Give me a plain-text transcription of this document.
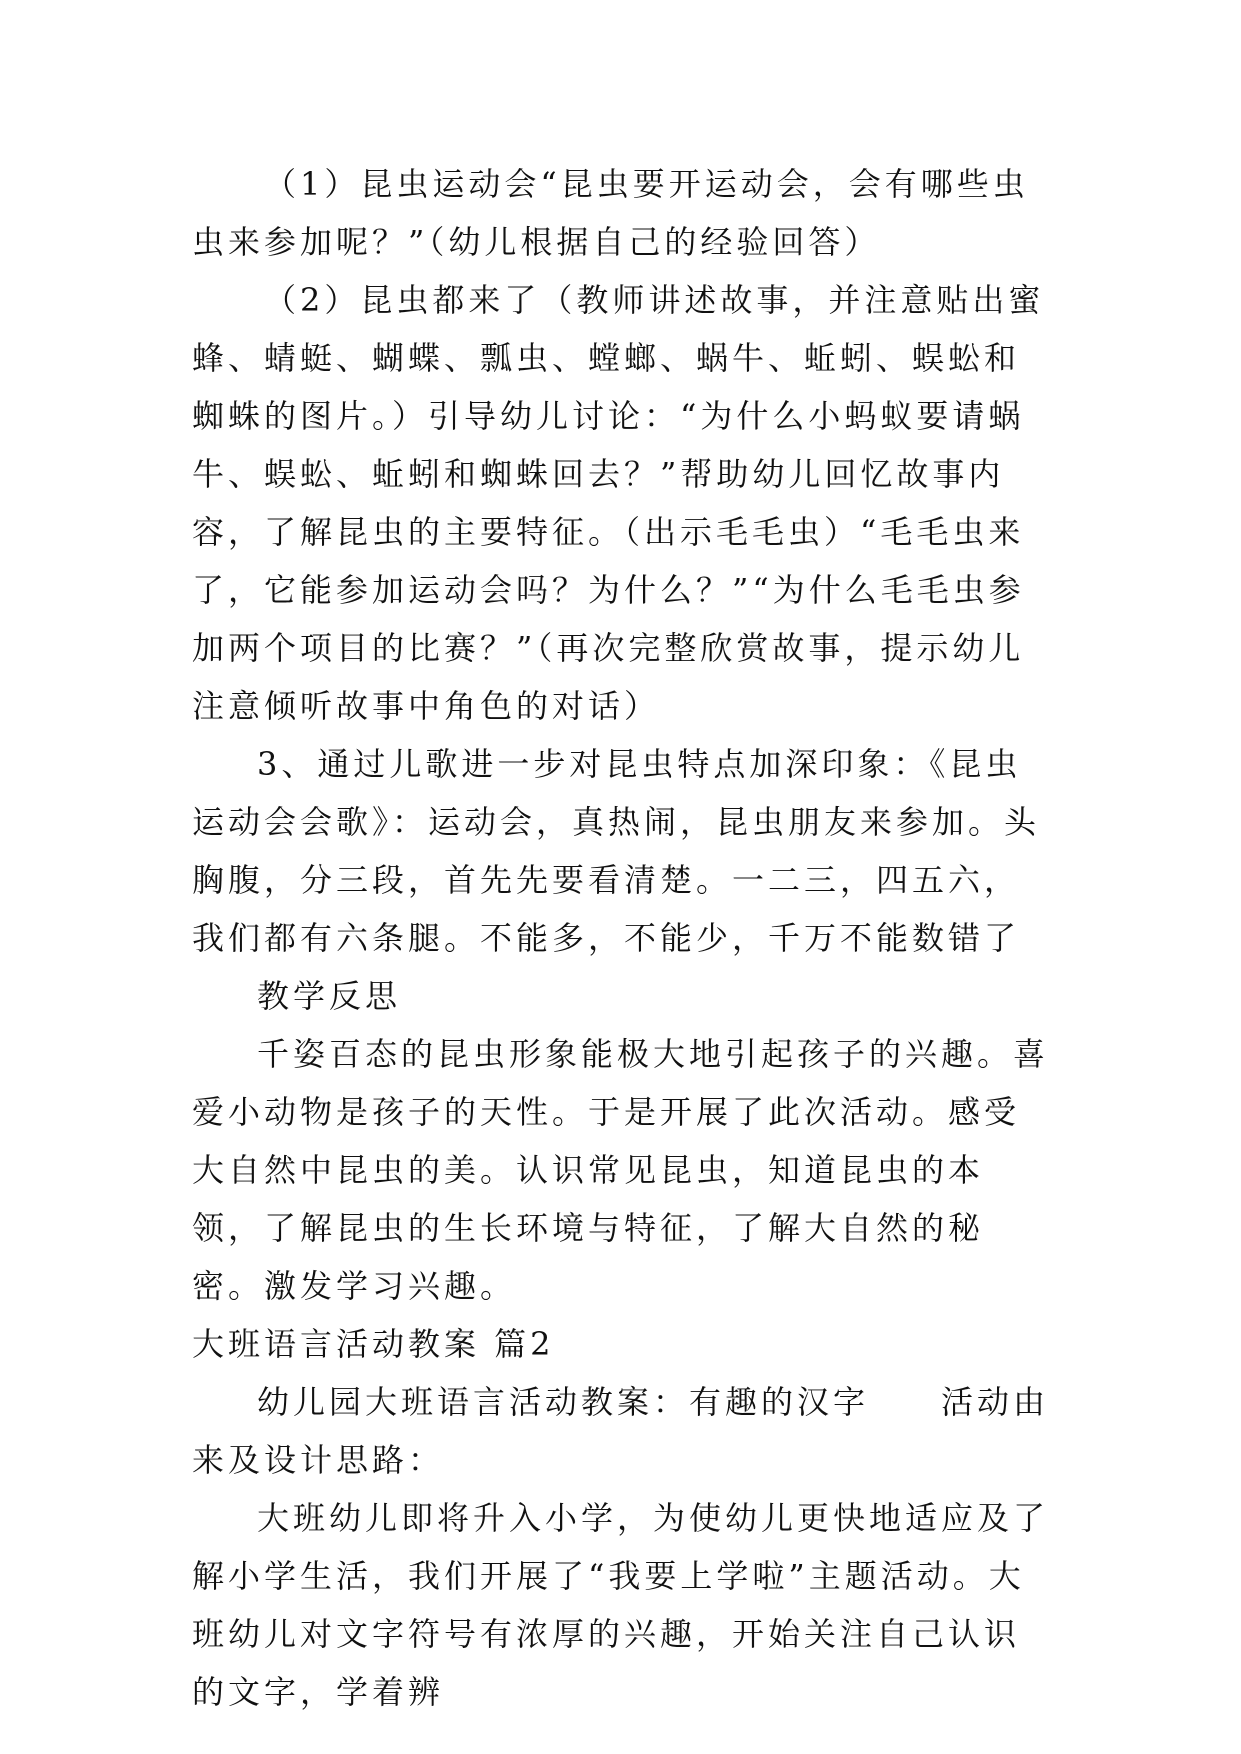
（1）昆虫运动会“昆虫要开运动会，会有哪些虫虫来参加呢？”（幼儿根据自己的经验回答）

（2）昆虫都来了（教师讲述故事，并注意贴出蜜蜂、蜻蜓、蝴蝶、瓢虫、螳螂、蜗牛、蚯蚓、蜈蚣和蜘蛛的图片。）引导幼儿讨论：“为什么小蚂蚁要请蜗牛、蜈蚣、蚯蚓和蜘蛛回去？”帮助幼儿回忆故事内容，了解昆虫的主要特征。（出示毛毛虫）“毛毛虫来了，它能参加运动会吗？为什么？”“为什么毛毛虫参加两个项目的比赛？”（再次完整欣赏故事，提示幼儿注意倾听故事中角色的对话）

3、通过儿歌进一步对昆虫特点加深印象：《昆虫运动会会歌》：运动会，真热闹，昆虫朋友来参加。头胸腹，分三段，首先先要看清楚。一二三，四五六，我们都有六条腿。不能多，不能少，千万不能数错了

教学反思

千姿百态的昆虫形象能极大地引起孩子的兴趣。喜爱小动物是孩子的天性。于是开展了此次活动。感受大自然中昆虫的美。认识常见昆虫，知道昆虫的本领，了解昆虫的生长环境与特征，了解大自然的秘密。激发学习兴趣。

大班语言活动教案 篇2

幼儿园大班语言活动教案：有趣的汉字　　活动由来及设计思路：

大班幼儿即将升入小学，为使幼儿更快地适应及了解小学生活，我们开展了“我要上学啦”主题活动。大班幼儿对文字符号有浓厚的兴趣，开始关注自己认识的文字，学着辨
